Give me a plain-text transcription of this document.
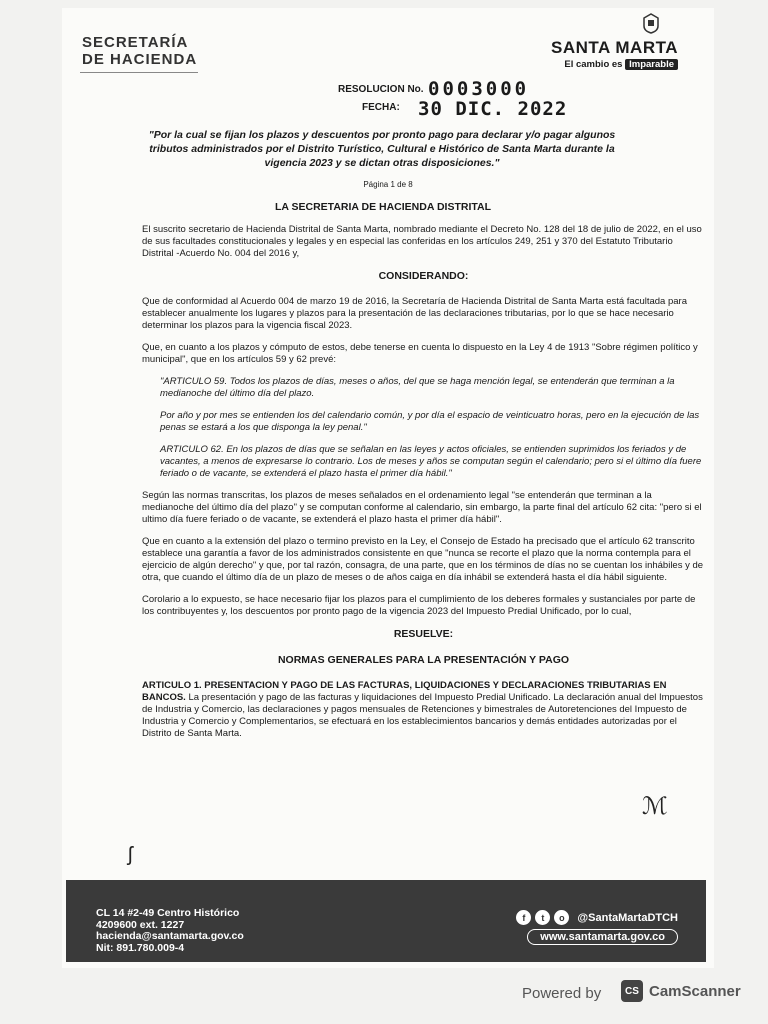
SECRETARÍA
DE HACIENDA
SANTA MARTA
El cambio es Imparable
RESOLUCION No. 0003000
FECHA: 30 DIC. 2022
"Por la cual se fijan los plazos y descuentos por pronto pago para declarar y/o pagar algunos tributos administrados por el Distrito Turístico, Cultural e Histórico de Santa Marta durante la vigencia 2023 y se dictan otras disposiciones."
Página 1 de 8
LA SECRETARIA DE HACIENDA DISTRITAL

El suscrito secretario de Hacienda Distrital de Santa Marta, nombrado mediante el Decreto No. 128 del 18 de julio de 2022, en el uso de sus facultades constitucionales y legales y en especial las conferidas en los artículos 249, 251 y 370 del Estatuto Tributario Distrital -Acuerdo No. 004 del 2016 y,

CONSIDERANDO:

Que de conformidad al Acuerdo 004 de marzo 19 de 2016, la Secretaría de Hacienda Distrital de Santa Marta está facultada para establecer anualmente los lugares y plazos para la presentación de las declaraciones tributarias, por lo que se hace necesario determinar los plazos para la vigencia fiscal 2023.

Que, en cuanto a los plazos y cómputo de estos, debe tenerse en cuenta lo dispuesto en la Ley 4 de 1913 "Sobre régimen político y municipal", que en los artículos 59 y 62 prevé:

"ARTICULO 59. Todos los plazos de días, meses o años, del que se haga mención legal, se entenderán que terminan a la medianoche del último día del plazo.

Por año y por mes se entienden los del calendario común, y por día el espacio de veinticuatro horas, pero en la ejecución de las penas se estará a los que disponga la ley penal."

ARTICULO 62. En los plazos de días que se señalan en las leyes y actos oficiales, se entienden suprimidos los feriados y de vacantes, a menos de expresarse lo contrario. Los de meses y años se computan según el calendario; pero si el último día fuere feriado o de vacante, se extenderá el plazo hasta el primer día hábil."

Según las normas transcritas, los plazos de meses señalados en el ordenamiento legal "se entenderán que terminan a la medianoche del último día del plazo" y se computan conforme al calendario, sin embargo, la parte final del artículo 62 cita: "pero si el ultimo día fuere feriado o de vacante, se extenderá el plazo hasta el primer día hábil".

Que en cuanto a la extensión del plazo o termino previsto en la Ley, el Consejo de Estado ha precisado que el artículo 62 transcrito establece una garantía a favor de los administrados consistente en que "nunca se recorte el plazo que la norma contempla para el ejercicio de algún derecho" y que, por tal razón, consagra, de una parte, que en los términos de días no se cuentan los inhábiles y de otra, que cuando el último día de un plazo de meses o de años caiga en día inhábil se extenderá hasta el día hábil siguiente.

Corolario a lo expuesto, se hace necesario fijar los plazos para el cumplimiento de los deberes formales y sustanciales por parte de los contribuyentes y, los descuentos por pronto pago de la vigencia 2023 del Impuesto Predial Unificado, por lo cual,

RESUELVE:
NORMAS GENERALES PARA LA PRESENTACIÓN Y PAGO

ARTICULO 1. PRESENTACION Y PAGO DE LAS FACTURAS, LIQUIDACIONES Y DECLARACIONES TRIBUTARIAS EN BANCOS. La presentación y pago de las facturas y liquidaciones del Impuesto Predial Unificado. La declaración anual del Impuestos de Industria y Comercio, las declaraciones y pagos mensuales de Retenciones y bimestrales de Autoretenciones del Impuesto de Industria y Comercio y Complementarios, se efectuará en los establecimientos bancarios y demás entidades autorizadas por el Distrito de Santa Marta.

ʃ
ℳ
CL 14 #2-49 Centro Histórico
4209600 ext. 1227
hacienda@santamarta.gov.co
Nit: 891.780.009-4
f	t	o	@SantaMartaDTCH
www.santamarta.gov.co
Powered by	CS CamScanner
